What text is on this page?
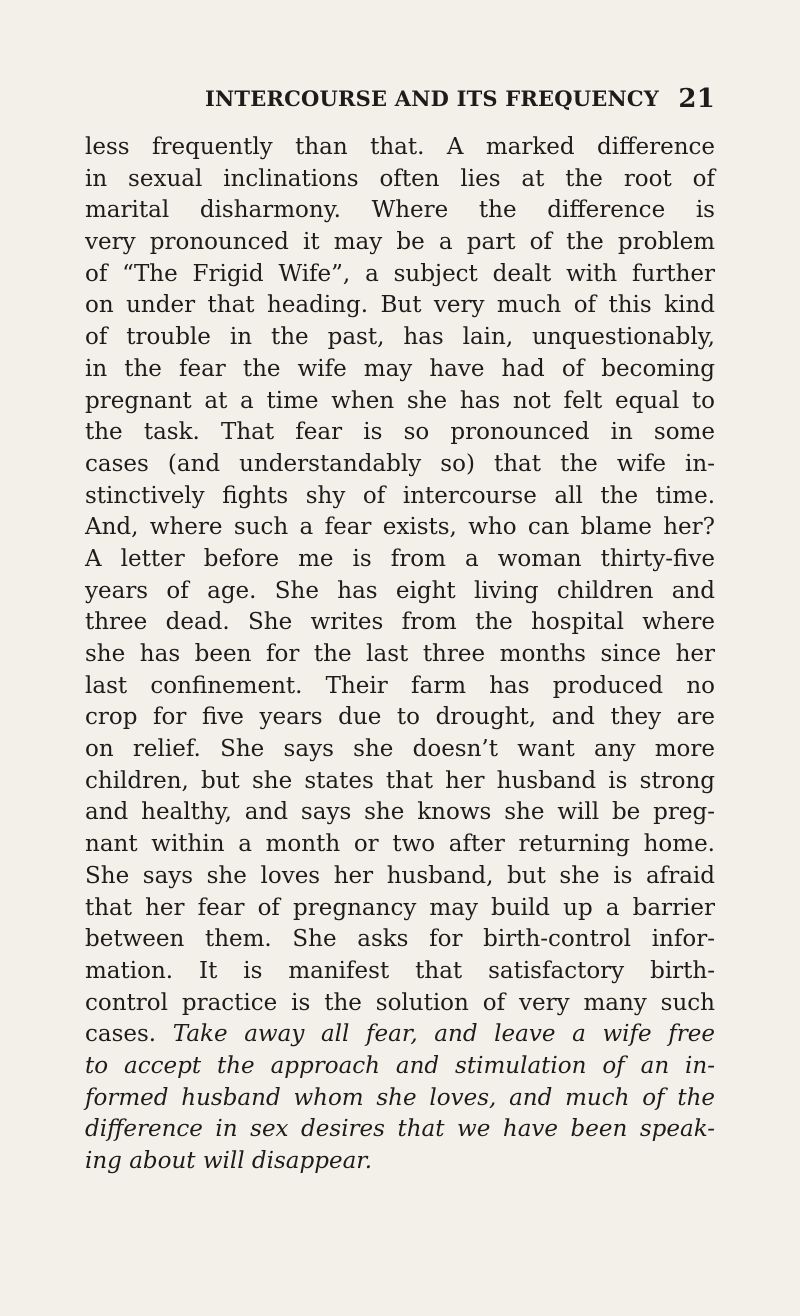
INTERCOURSE AND ITS FREQUENCY 21
less frequently than that. A marked difference
in sexual inclinations often lies at the root of
marital disharmony. Where the difference is
very pronounced it may be a part of the problem
of “The Frigid Wife”, a subject dealt with further
on under that heading. But very much of this kind
of trouble in the past, has lain, unquestionably,
in the fear the wife may have had of becoming
pregnant at a time when she has not felt equal to
the task. That fear is so pronounced in some
cases (and understandably so) that the wife in-
stinctively fights shy of intercourse all the time.
And, where such a fear exists, who can blame her?
A letter before me is from a woman thirty-five
years of age. She has eight living children and
three dead. She writes from the hospital where
she has been for the last three months since her
last confinement. Their farm has produced no
crop for five years due to drought, and they are
on relief. She says she doesn’t want any more
children, but she states that her husband is strong
and healthy, and says she knows she will be preg-
nant within a month or two after returning home.
She says she loves her husband, but she is afraid
that her fear of pregnancy may build up a barrier
between them. She asks for birth-control infor-
mation. It is manifest that satisfactory birth-
control practice is the solution of very many such
cases. Take away all fear, and leave a wife free
to accept the approach and stimulation of an in-
formed husband whom she loves, and much of the
difference in sex desires that we have been speak-
ing about will disappear.
